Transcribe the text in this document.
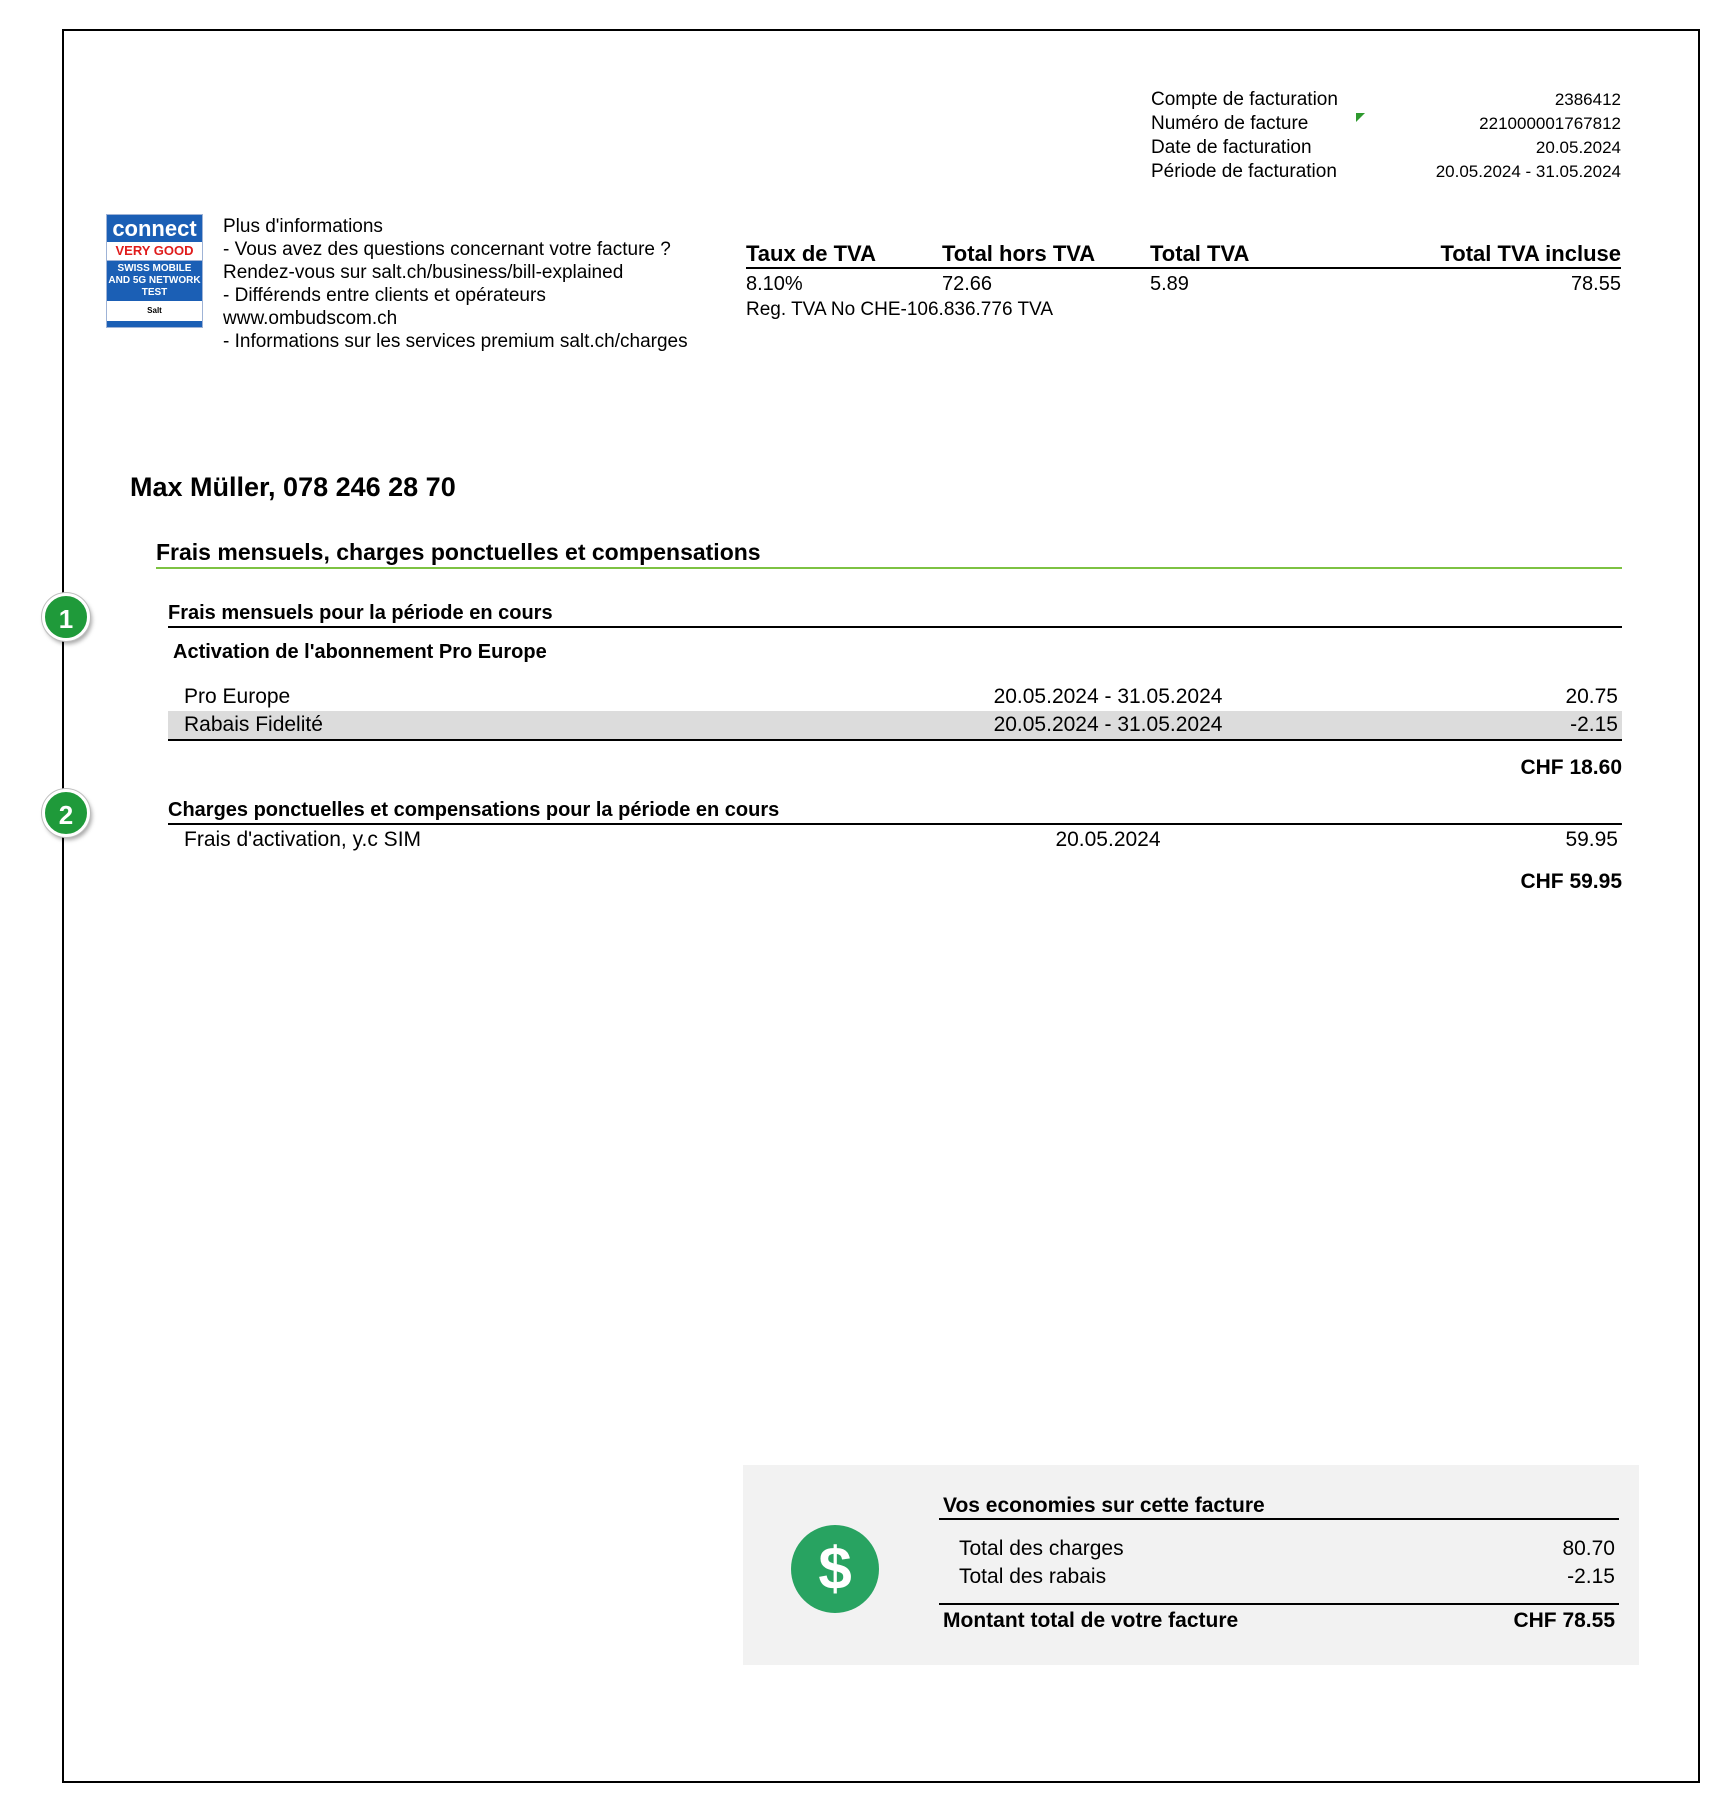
Compte de facturation	2386412
Numéro de facture	221000001767812
Date de facturation	20.05.2024
Période de facturation	20.05.2024 - 31.05.2024
connect
VERY GOOD
SWISS MOBILE AND 5G NETWORK TEST
Salt
Plus d'informations
- Vous avez des questions concernant votre facture ?
Rendez-vous sur salt.ch/business/bill-explained
- Différends entre clients et opérateurs
www.ombudscom.ch
- Informations sur les services premium salt.ch/charges
Taux de TVA	Total hors TVA	Total TVA	Total TVA incluse
8.10%	72.66	5.89	78.55
Reg. TVA No CHE-106.836.776 TVA
Max Müller, 078 246 28 70
Frais mensuels, charges ponctuelles et compensations
1	Frais mensuels pour la période en cours
Activation de l'abonnement Pro Europe
Pro Europe	20.05.2024 - 31.05.2024	20.75
Rabais Fidelité	20.05.2024 - 31.05.2024	-2.15
CHF 18.60
2	Charges ponctuelles et compensations pour la période en cours
Frais d'activation, y.c SIM	20.05.2024	59.95
CHF 59.95
$
Vos economies sur cette facture
Total des charges	80.70
Total des rabais	-2.15
Montant total de votre facture	CHF 78.55
